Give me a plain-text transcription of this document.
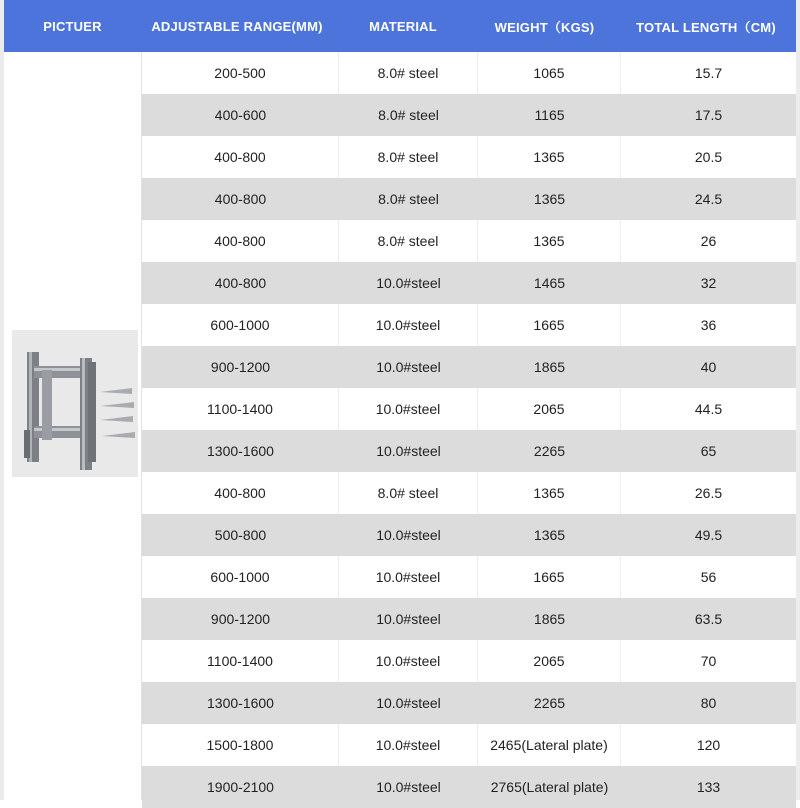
PICTUER	ADJUSTABLE RANGE(MM)	MATERIAL	WEIGHT（KGS)	TOTAL LENGTH（CM)
200-500	8.0# steel	1065	15.7
400-600	8.0# steel	1165	17.5
400-800	8.0# steel	1365	20.5
400-800	8.0# steel	1365	24.5
400-800	8.0# steel	1365	26
400-800	10.0#steel	1465	32
600-1000	10.0#steel	1665	36
900-1200	10.0#steel	1865	40
1100-1400	10.0#steel	2065	44.5
1300-1600	10.0#steel	2265	65
400-800	8.0# steel	1365	26.5
500-800	10.0#steel	1365	49.5
600-1000	10.0#steel	1665	56
900-1200	10.0#steel	1865	63.5
1100-1400	10.0#steel	2065	70
1300-1600	10.0#steel	2265	80
1500-1800	10.0#steel	2465(Lateral plate)	120
1900-2100	10.0#steel	2765(Lateral plate)	133
